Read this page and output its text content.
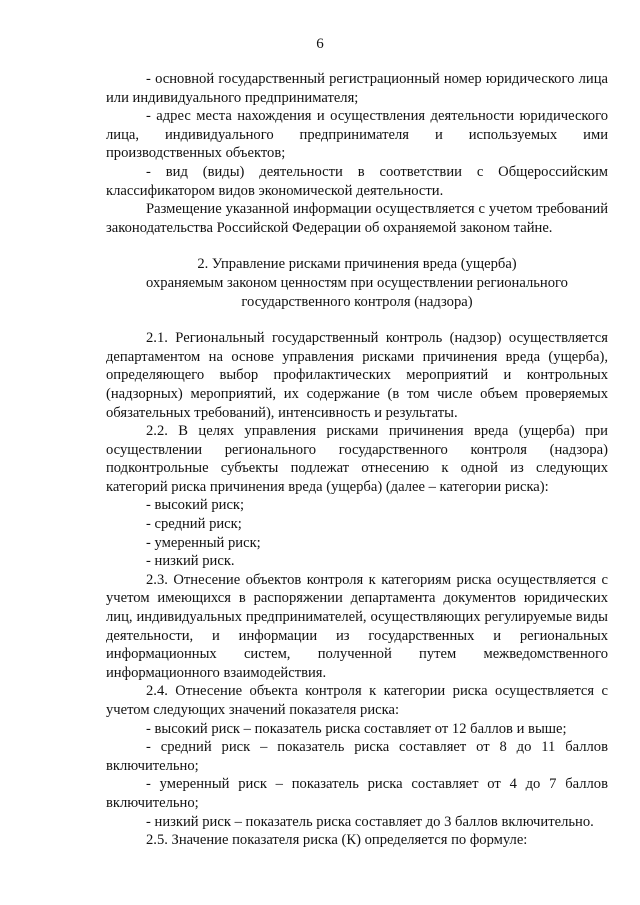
6

- основной государственный регистрационный номер юридического лица или индивидуального предпринимателя;

- адрес места нахождения и осуществления деятельности юридического лица, индивидуального предпринимателя и используемых ими производственных объектов;

- вид (виды) деятельности в соответствии с Общероссийским классификатором видов экономической деятельности.

Размещение указанной информации осуществляется с учетом требований законодательства Российской Федерации об охраняемой законом тайне.

2. Управление рисками причинения вреда (ущерба)

охраняемым законом ценностям при осуществлении регионального

государственного контроля (надзора)

2.1. Региональный государственный контроль (надзор) осуществляется департаментом на основе управления рисками причинения вреда (ущерба), определяющего выбор профилактических мероприятий и контрольных (надзорных) мероприятий, их содержание (в том числе объем проверяемых обязательных требований), интенсивность и результаты.

2.2. В целях управления рисками причинения вреда (ущерба) при осуществлении регионального государственного контроля (надзора) подконтрольные субъекты подлежат отнесению к одной из следующих категорий риска причинения вреда (ущерба) (далее – категории риска):

- высокий риск;

- средний риск;

- умеренный риск;

- низкий риск.

2.3. Отнесение объектов контроля к категориям риска осуществляется с учетом имеющихся в распоряжении департамента документов юридических лиц, индивидуальных предпринимателей, осуществляющих регулируемые виды деятельности, и информации из государственных и региональных информационных систем, полученной путем межведомственного информационного взаимодействия.

2.4. Отнесение объекта контроля к категории риска осуществляется с учетом следующих значений показателя риска:

- высокий риск – показатель риска составляет от 12 баллов и выше;

- средний риск – показатель риска составляет от 8 до 11 баллов включительно;

- умеренный риск – показатель риска составляет от 4 до 7 баллов включительно;

- низкий риск – показатель риска составляет до 3 баллов включительно.

2.5. Значение показателя риска (К) определяется по формуле:
